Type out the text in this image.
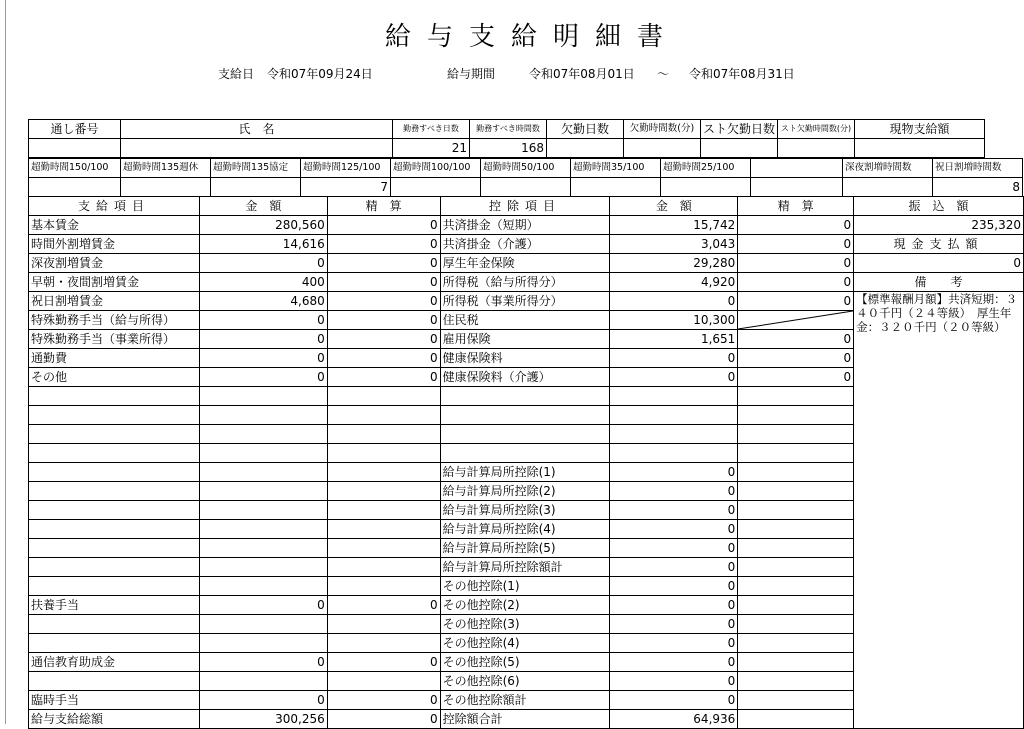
給与支給明細書
支給日 令和07年09月24日	給与期間	令和07年08月01日 〜 令和07年08月31日
通し番号	氏　名	勤務すべき日数	勤務すべき時間数	欠勤日数	欠勤時間数(分)	スト欠勤日数	スト欠勤時間数(分)	現物支給額
		21	168					
超勤時間150/100	超勤時間135週休	超勤時間135協定	超勤時間125/100	超勤時間100/100	超勤時間50/100	超勤時間35/100	超勤時間25/100		深夜割増時間数	祝日割増時間数
			7							8
支給項目	金　額	精　算	控除項目	金　額	精　算	振　込　額
基本賃金	280,560	0	共済掛金（短期）	15,742	0	235,320
時間外割増賃金	14,616	0	共済掛金（介護）	3,043	0	現金支払額
深夜割増賃金	0	0	厚生年金保険	29,280	0	0
早朝・夜間割増賃金	400	0	所得税（給与所得分）	4,920	0	備　　考
祝日割増賃金	4,680	0	所得税（事業所得分）	0	0	【標準報酬月額】共済短期：３４０千円（２４等級）　厚生年金：３２０千円（２０等級）
特殊勤務手当（給与所得）	0	0	住民税	10,300	

特殊勤務手当（事業所得）	0	0	雇用保険	1,651	0	
通勤費	0	0	健康保険料	0	0	
その他	0	0	健康保険料（介護）	0	0	

			給与計算局所控除(1)	0		
			給与計算局所控除(2)	0		
			給与計算局所控除(3)	0		
			給与計算局所控除(4)	0		
			給与計算局所控除(5)	0		
			給与計算局所控除額計	0		
			その他控除(1)	0		
扶養手当	0	0	その他控除(2)	0		
			その他控除(3)	0		
			その他控除(4)	0		
通信教育助成金	0	0	その他控除(5)	0		
			その他控除(6)	0		
臨時手当	0	0	その他控除額計	0		
給与支給総額	300,256	0	控除額合計	64,936		
